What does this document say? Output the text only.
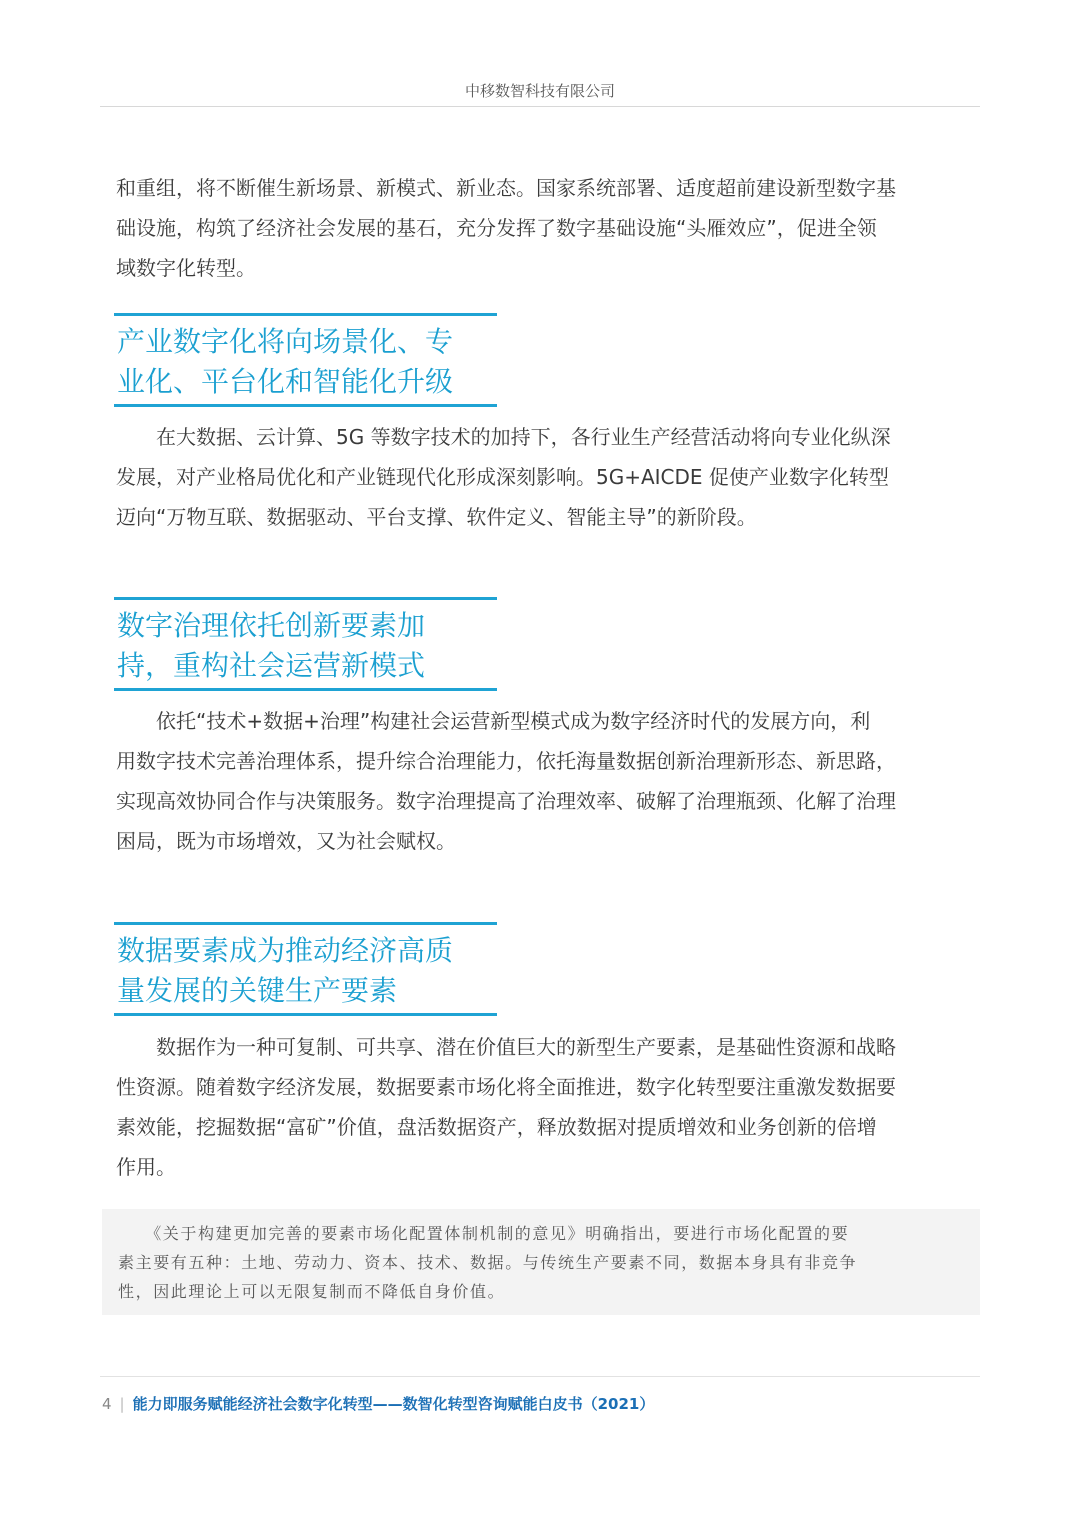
中移数智科技有限公司
和重组，将不断催生新场景、新模式、新业态。国家系统部署、适度超前建设新型数字基
础设施，构筑了经济社会发展的基石，充分发挥了数字基础设施“头雁效应”，促进全领
域数字化转型。
产业数字化将向场景化、专
业化、平台化和智能化升级
　　在大数据、云计算、5G 等数字技术的加持下，各行业生产经营活动将向专业化纵深
发展，对产业格局优化和产业链现代化形成深刻影响。5G+AICDE 促使产业数字化转型
迈向“万物互联、数据驱动、平台支撑、软件定义、智能主导”的新阶段。
数字治理依托创新要素加
持，重构社会运营新模式
　　依托“技术+数据+治理”构建社会运营新型模式成为数字经济时代的发展方向，利
用数字技术完善治理体系，提升综合治理能力，依托海量数据创新治理新形态、新思路，
实现高效协同合作与决策服务。数字治理提高了治理效率、破解了治理瓶颈、化解了治理
困局，既为市场增效，又为社会赋权。
数据要素成为推动经济高质
量发展的关键生产要素
　　数据作为一种可复制、可共享、潜在价值巨大的新型生产要素，是基础性资源和战略
性资源。随着数字经济发展，数据要素市场化将全面推进，数字化转型要注重激发数据要
素效能，挖掘数据“富矿”价值，盘活数据资产，释放数据对提质增效和业务创新的倍增
作用。
　　《关于构建更加完善的要素市场化配置体制机制的意见》明确指出，要进行市场化配置的要
素主要有五种：土地、劳动力、资本、技术、数据。与传统生产要素不同，数据本身具有非竞争
性，因此理论上可以无限复制而不降低自身价值。
4 | 能力即服务赋能经济社会数字化转型——数智化转型咨询赋能白皮书（2021）
